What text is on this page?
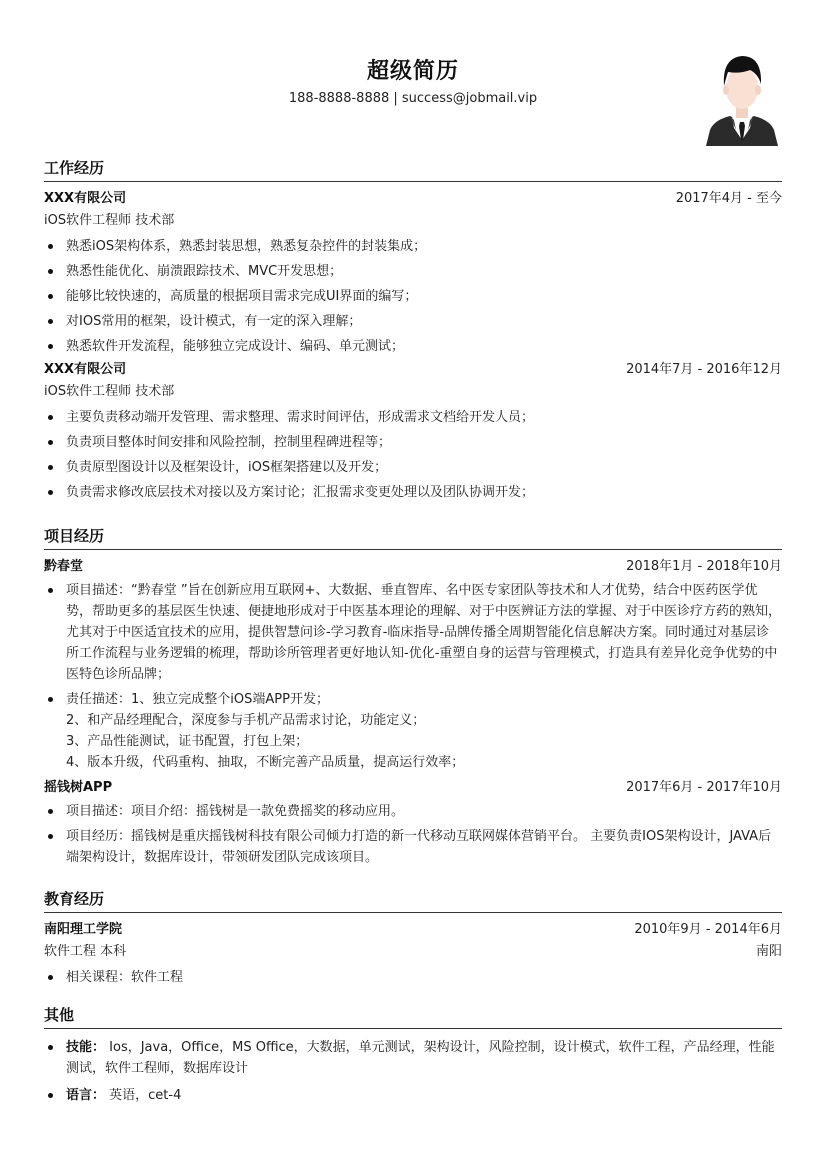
超级简历
188-8888-8888 | success@jobmail.vip
工作经历
XXX有限公司	2017年4月 - 至今
iOS软件工程师 技术部
熟悉iOS架构体系，熟悉封装思想，熟悉复杂控件的封装集成；
熟悉性能优化、崩溃跟踪技术、MVC开发思想；
能够比较快速的，高质量的根据项目需求完成UI界面的编写；
对IOS常用的框架，设计模式，有一定的深入理解；
熟悉软件开发流程，能够独立完成设计、编码、单元测试；
XXX有限公司	2014年7月 - 2016年12月
iOS软件工程师 技术部
主要负责移动端开发管理、需求整理、需求时间评估，形成需求文档给开发人员；
负责项目整体时间安排和风险控制，控制里程碑进程等；
负责原型图设计以及框架设计，iOS框架搭建以及开发；
负责需求修改底层技术对接以及方案讨论；汇报需求变更处理以及团队协调开发；
项目经历
黔春堂	2018年1月 - 2018年10月
项目描述：“黔春堂 ”旨在创新应用互联网+、大数据、垂直智库、名中医专家团队等技术和人才优势，结合中医药医学优势，帮助更多的基层医生快速、便捷地形成对于中医基本理论的理解、对于中医辨证方法的掌握、对于中医诊疗方药的熟知，尤其对于中医适宜技术的应用，提供智慧问诊-学习教育-临床指导-品牌传播全周期智能化信息解决方案。同时通过对基层诊所工作流程与业务逻辑的梳理，帮助诊所管理者更好地认知-优化-重塑自身的运营与管理模式，打造具有差异化竞争优势的中医特色诊所品牌；
责任描述：1、独立完成整个iOS端APP开发；
2、和产品经理配合，深度参与手机产品需求讨论，功能定义；
3、产品性能测试，证书配置，打包上架；
4、版本升级，代码重构、抽取，不断完善产品质量，提高运行效率；
摇钱树APP	2017年6月 - 2017年10月
项目描述：项目介绍：摇钱树是一款免费摇奖的移动应用。
项目经历：摇钱树是重庆摇钱树科技有限公司倾力打造的新一代移动互联网媒体营销平台。 主要负责IOS架构设计，JAVA后端架构设计，数据库设计，带领研发团队完成该项目。
教育经历
南阳理工学院	2010年9月 - 2014年6月
软件工程 本科	南阳
相关课程：软件工程
其他
技能： Ios，Java，Office，MS Office，大数据，单元测试，架构设计，风险控制，设计模式，软件工程，产品经理，性能测试，软件工程师，数据库设计
语言： 英语，cet-4
